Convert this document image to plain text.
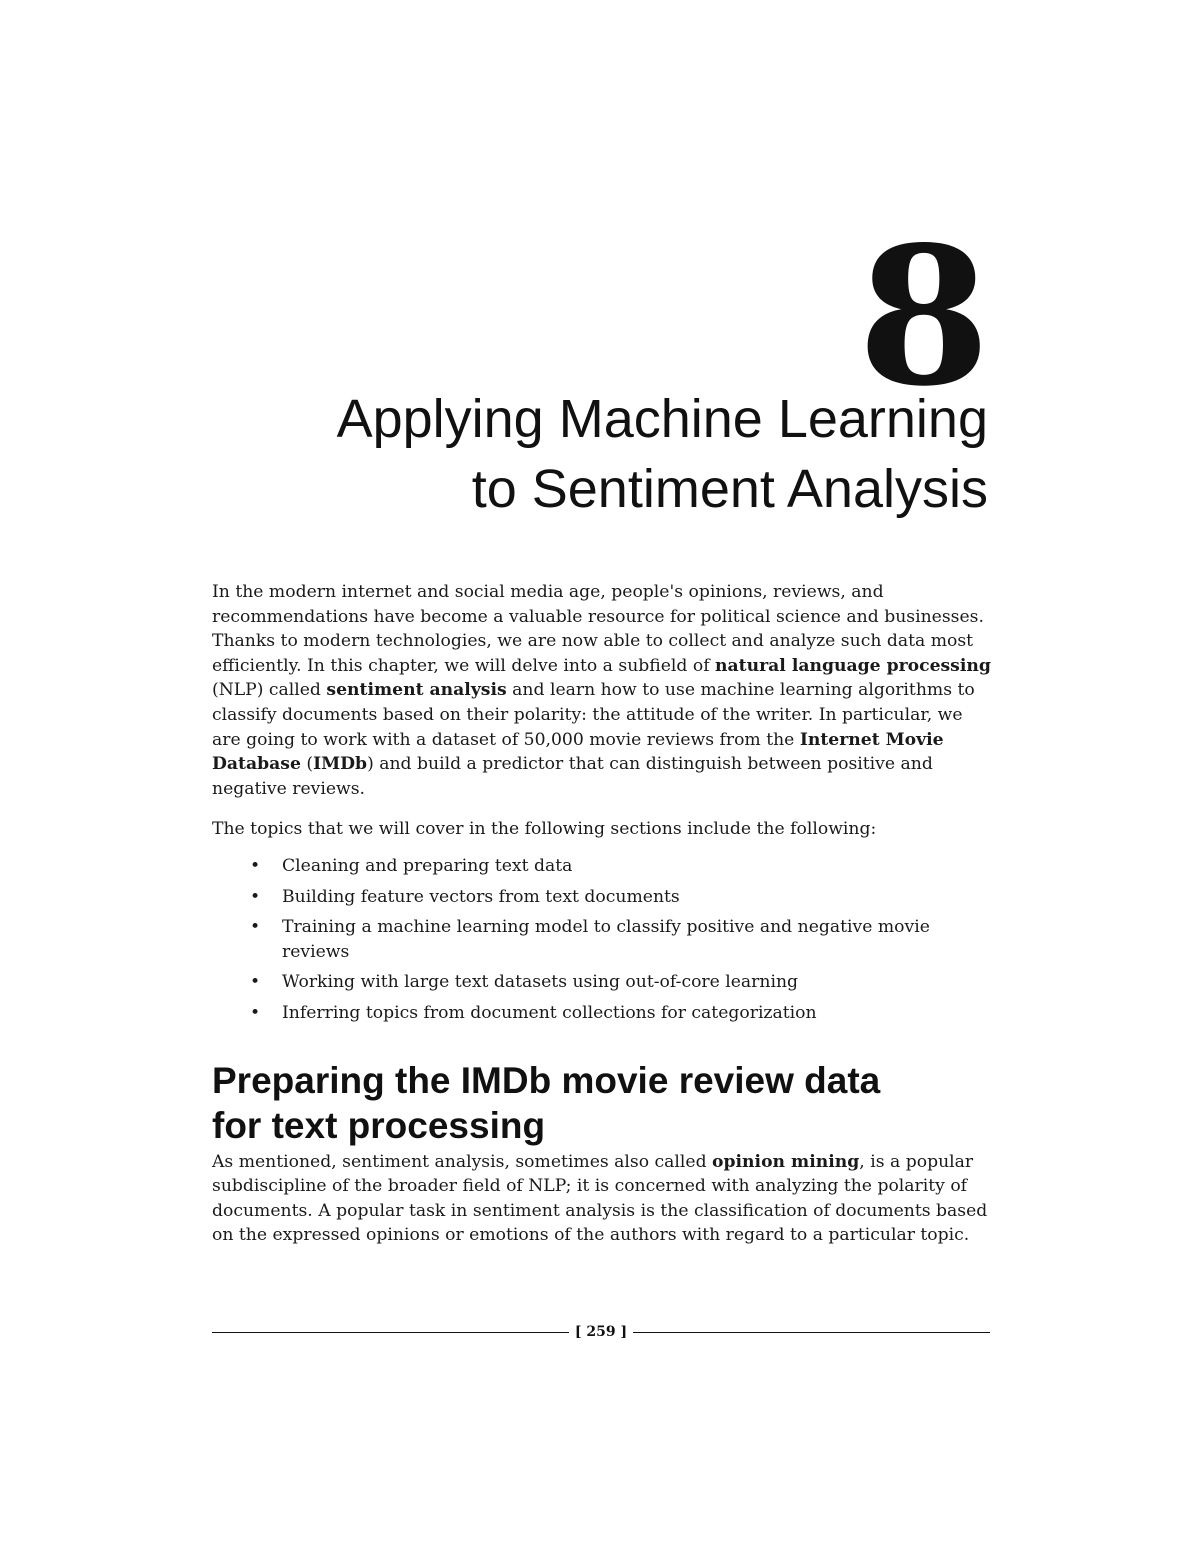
8
Applying Machine Learning
to Sentiment Analysis

In the modern internet and social media age, people's opinions, reviews, and recommendations have become a valuable resource for political science and businesses. Thanks to modern technologies, we are now able to collect and analyze such data most efficiently. In this chapter, we will delve into a subfield of natural language processing (NLP) called sentiment analysis and learn how to use machine learning algorithms to classify documents based on their polarity: the attitude of the writer. In particular, we are going to work with a dataset of 50,000 movie reviews from the Internet Movie Database (IMDb) and build a predictor that can distinguish between positive and negative reviews.

The topics that we will cover in the following sections include the following:

• Cleaning and preparing text data
• Building feature vectors from text documents
• Training a machine learning model to classify positive and negative movie reviews
• Working with large text datasets using out-of-core learning
• Inferring topics from document collections for categorization
Preparing the IMDb movie review data
for text processing

As mentioned, sentiment analysis, sometimes also called opinion mining, is a popular subdiscipline of the broader field of NLP; it is concerned with analyzing the polarity of documents. A popular task in sentiment analysis is the classification of documents based on the expressed opinions or emotions of the authors with regard to a particular topic.

[ 259 ]
